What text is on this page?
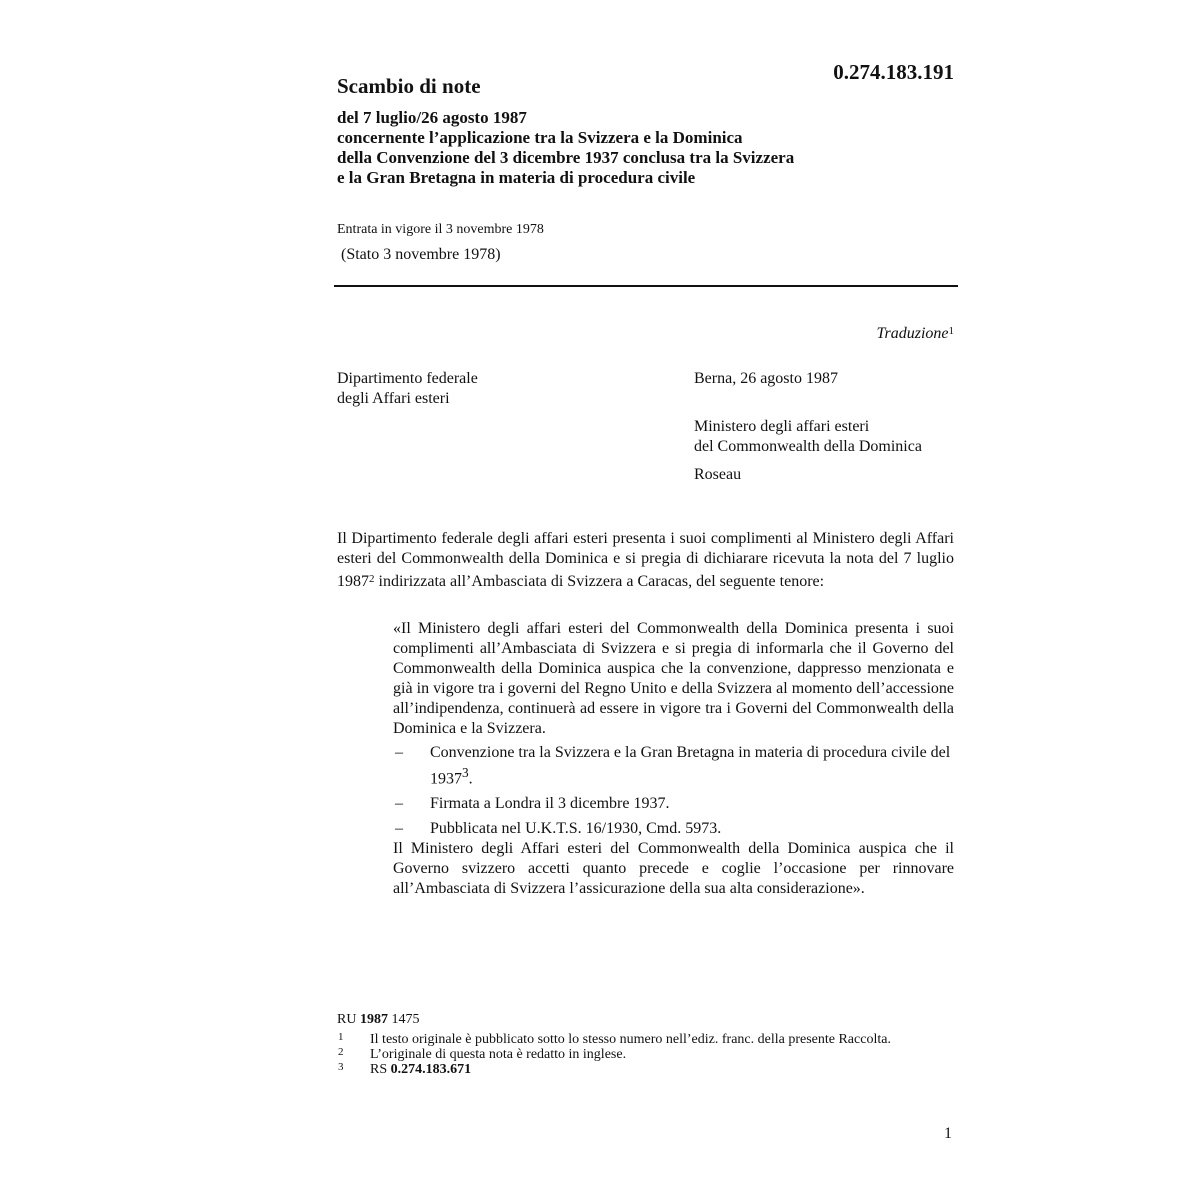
0.274.183.191
Scambio di note
del 7 luglio/26 agosto 1987
concernente l’applicazione tra la Svizzera e la Dominica
della Convenzione del 3 dicembre 1937 conclusa tra la Svizzera
e la Gran Bretagna in materia di procedura civile
Entrata in vigore il 3 novembre 1978
(Stato 3 novembre 1978)
Traduzione$^1$
Dipartimento federale
degli Affari esteri
Berna, 26 agosto 1987
Ministero degli affari esteri
del Commonwealth della Dominica
Roseau
Il Dipartimento federale degli affari esteri presenta i suoi complimenti al Ministero degli Affari esteri del Commonwealth della Dominica e si pregia di dichiarare ricevuta la nota del 7 luglio 1987$^2$ indirizzata all’Ambasciata di Svizzera a Caracas, del seguente tenore:
«Il Ministero degli affari esteri del Commonwealth della Dominica presenta i suoi complimenti all’Ambasciata di Svizzera e si pregia di informarla che il Governo del Commonwealth della Dominica auspica che la convenzione, dappresso menzionata e già in vigore tra i governi del Regno Unito e della Svizzera al momento dell’accessione all’indipendenza, continuerà ad essere in vigore tra i Governi del Commonwealth della Dominica e la Svizzera.
– Convenzione tra la Svizzera e la Gran Bretagna in materia di procedura civile del 1937$^3$.
– Firmata a Londra il 3 dicembre 1937.
– Pubblicata nel U.K.T.S. 16/1930, Cmd. 5973.
Il Ministero degli Affari esteri del Commonwealth della Dominica auspica che il Governo svizzero accetti quanto precede e coglie l’occasione per rinnovare all’Ambasciata di Svizzera l’assicurazione della sua alta considerazione».
RU 1987 1475
1 Il testo originale è pubblicato sotto lo stesso numero nell’ediz. franc. della presente Raccolta.
2 L’originale di questa nota è redatto in inglese.
3 RS 0.274.183.671
1
